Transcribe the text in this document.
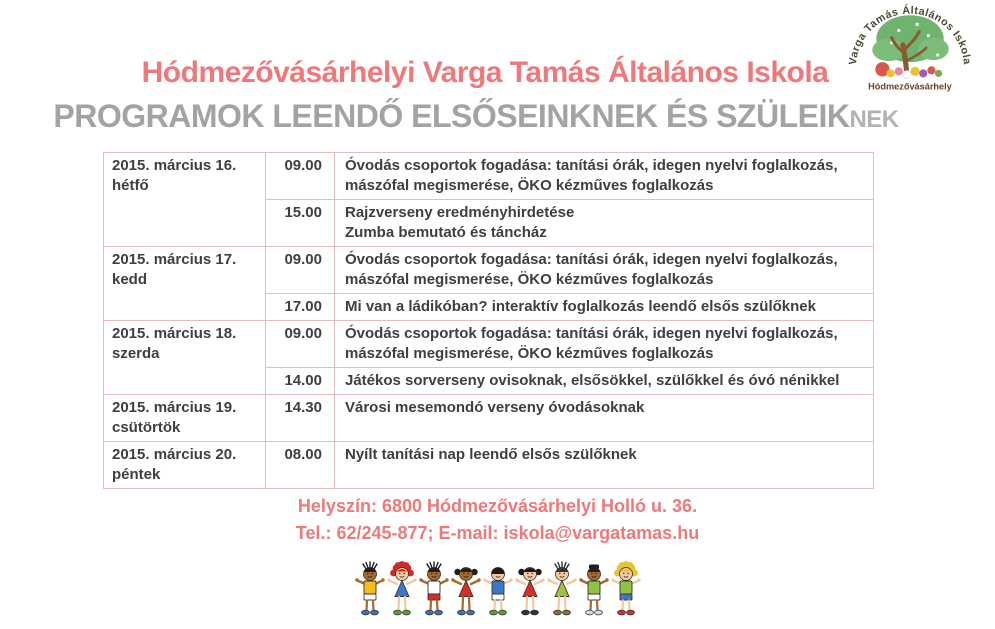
Varga Tamás Általános Iskola
Hódmezővásárhely
Hódmezővásárhelyi Varga Tamás Általános Iskola
PROGRAMOK LEENDŐ ELSŐSEINKNEK ÉS SZÜLEIKNEK
2015. március 16.
hétfő
	09.00	Óvodás csoportok fogadása: tanítási órák, idegen nyelvi foglalkozás,
mászófal megismerése, ÖKO kézműves foglalkozás
	15.00	Rajzverseny eredményhirdetése
Zumba bemutató és táncház

2015. március 17.
kedd
	09.00	Óvodás csoportok fogadása: tanítási órák, idegen nyelvi foglalkozás,
mászófal megismerése, ÖKO kézműves foglalkozás
	17.00	Mi van a ládikóban? interaktív foglalkozás leendő elsős szülőknek

2015. március 18.
szerda
	09.00	Óvodás csoportok fogadása: tanítási órák, idegen nyelvi foglalkozás,
mászófal megismerése, ÖKO kézműves foglalkozás
	14.00	Játékos sorverseny ovisoknak, elsősökkel, szülőkkel és óvó nénikkel

2015. március 19.
csütörtök	14.30	Városi mesemondó verseny óvodásoknak

2015. március 20.
péntek	08.00	Nyílt tanítási nap leendő elsős szülőknek
Helyszín: 6800 Hódmezővásárhelyi Holló u. 36.
Tel.: 62/245-877; E-mail: iskola@vargatamas.hu
